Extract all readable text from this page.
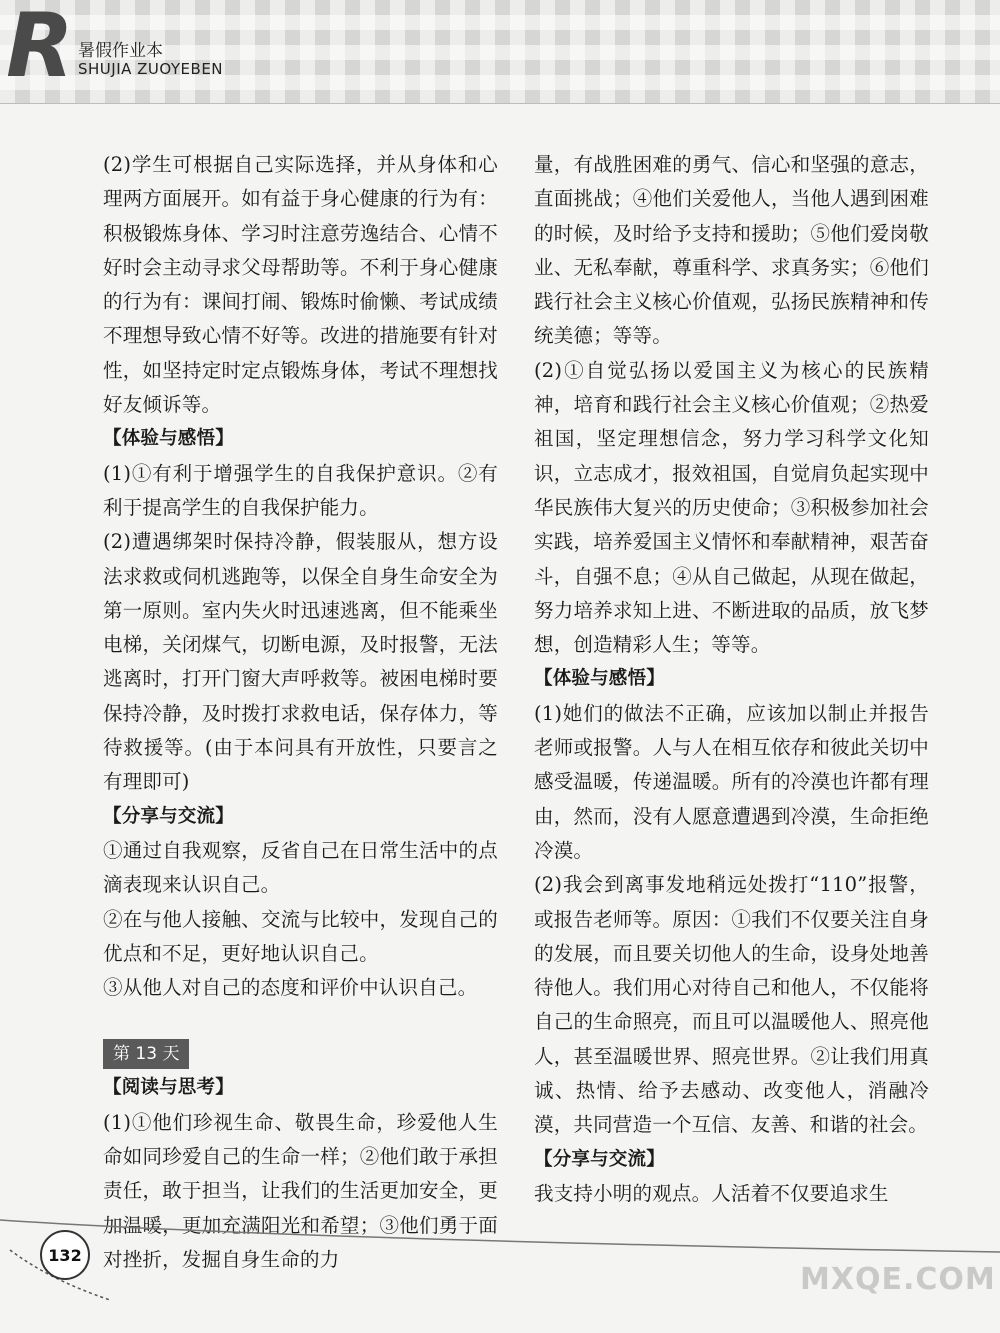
R 暑假作业本
SHUJIA ZUOYEBEN

(2)学生可根据自己实际选择，并从身体和心理两方面展开。如有益于身心健康的行为有：积极锻炼身体、学习时注意劳逸结合、心情不好时会主动寻求父母帮助等。不利于身心健康的行为有：课间打闹、锻炼时偷懒、考试成绩不理想导致心情不好等。改进的措施要有针对性，如坚持定时定点锻炼身体，考试不理想找好友倾诉等。

【体验与感悟】

(1)①有利于增强学生的自我保护意识。②有利于提高学生的自我保护能力。

(2)遭遇绑架时保持冷静，假装服从，想方设法求救或伺机逃跑等，以保全自身生命安全为第一原则。室内失火时迅速逃离，但不能乘坐电梯，关闭煤气，切断电源，及时报警，无法逃离时，打开门窗大声呼救等。被困电梯时要保持冷静，及时拨打求救电话，保存体力，等待救援等。(由于本问具有开放性，只要言之有理即可)

【分享与交流】

①通过自我观察，反省自己在日常生活中的点滴表现来认识自己。

②在与他人接触、交流与比较中，发现自己的优点和不足，更好地认识自己。

③从他人对自己的态度和评价中认识自己。

第 13 天

【阅读与思考】

(1)①他们珍视生命、敬畏生命，珍爱他人生命如同珍爱自己的生命一样；②他们敢于承担责任，敢于担当，让我们的生活更加安全，更加温暖，更加充满阳光和希望；③他们勇于面对挫折，发掘自身生命的力

量，有战胜困难的勇气、信心和坚强的意志，直面挑战；④他们关爱他人，当他人遇到困难的时候，及时给予支持和援助；⑤他们爱岗敬业、无私奉献，尊重科学、求真务实；⑥他们践行社会主义核心价值观，弘扬民族精神和传统美德；等等。

(2)①自觉弘扬以爱国主义为核心的民族精神，培育和践行社会主义核心价值观；②热爱祖国，坚定理想信念，努力学习科学文化知识，立志成才，报效祖国，自觉肩负起实现中华民族伟大复兴的历史使命；③积极参加社会实践，培养爱国主义情怀和奉献精神，艰苦奋斗，自强不息；④从自己做起，从现在做起，努力培养求知上进、不断进取的品质，放飞梦想，创造精彩人生；等等。

【体验与感悟】

(1)她们的做法不正确，应该加以制止并报告老师或报警。人与人在相互依存和彼此关切中感受温暖，传递温暖。所有的冷漠也许都有理由，然而，没有人愿意遭遇到冷漠，生命拒绝冷漠。

(2)我会到离事发地稍远处拨打“110”报警，或报告老师等。原因：①我们不仅要关注自身的发展，而且要关切他人的生命，设身处地善待他人。我们用心对待自己和他人，不仅能将自己的生命照亮，而且可以温暖他人、照亮他人，甚至温暖世界、照亮世界。②让我们用真诚、热情、给予去感动、改变他人，消融冷漠，共同营造一个互信、友善、和谐的社会。

【分享与交流】

我支持小明的观点。人活着不仅要追求生

132
MXQE.COM
